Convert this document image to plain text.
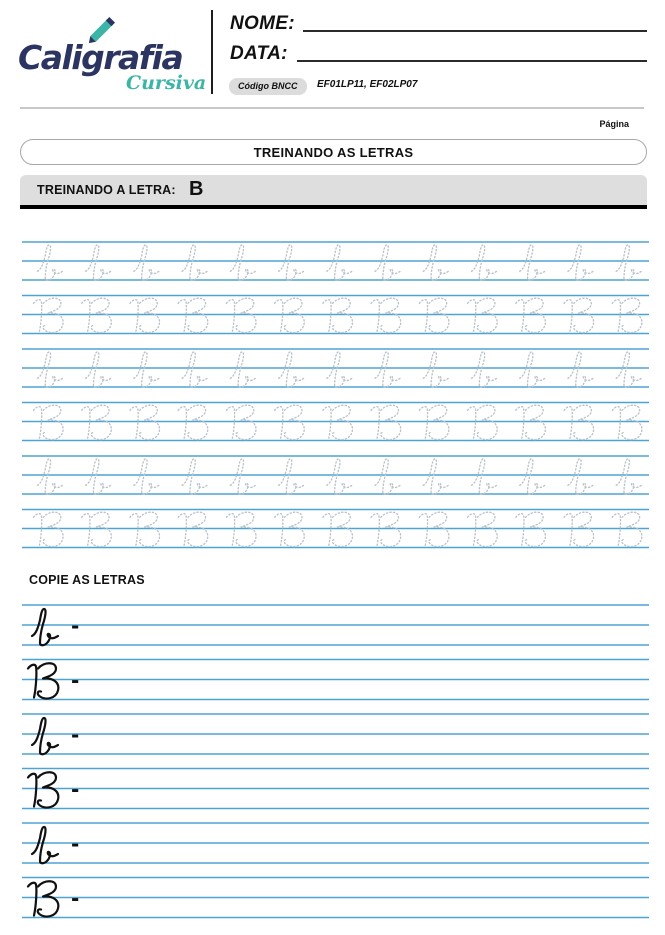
Caligrafia
Cursiva
NOME:
DATA:
Código BNCC	EF01LP11, EF02LP07
Página
TREINANDO AS LETRAS
TREINANDO A LETRA: B
COPIE AS LETRAS
-
-
-
-
-
-
